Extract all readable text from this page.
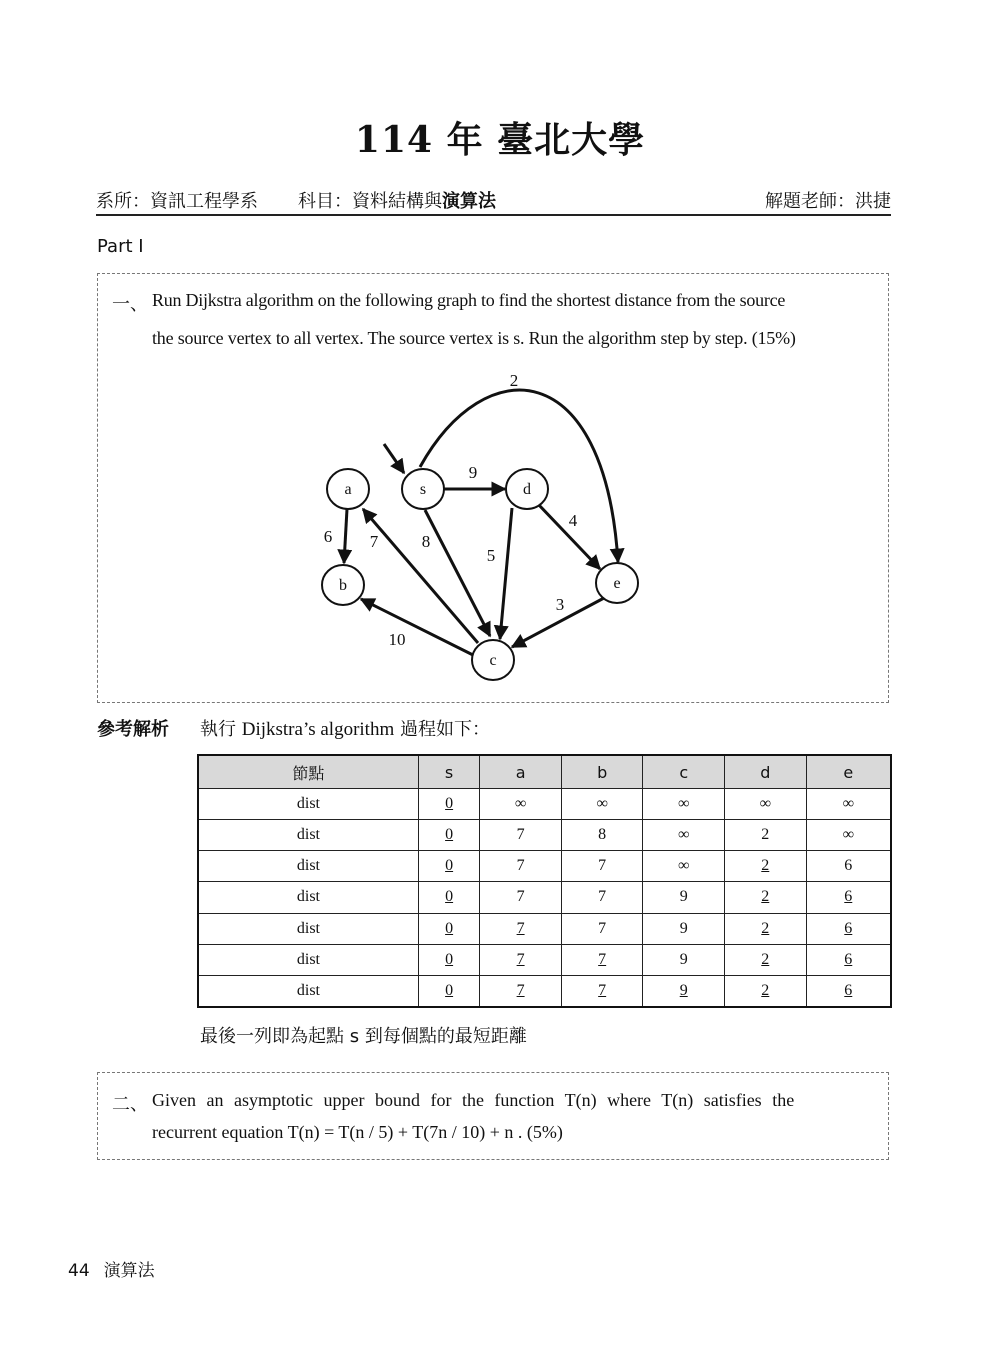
114 年 臺北大學
系所：資訊工程學系 科目：資料結構與演算法	解題老師：洪捷
Part I
一、 Run Dijkstra algorithm on the following graph to find the shortest distance from the source
the source vertex to all vertex. The source vertex is s. Run the algorithm step by step. (15%)
a	s	d
b	e
c
2
9
6 7	8
5
4
3
10
參考解析 執行 Dijkstra’s algorithm 過程如下：
節點	s	a	b	c	d	e
dist	0	∞	∞	∞	∞	∞
dist	0	7	8	∞	2	∞
dist	0	7	7	∞	2	6
dist	0	7	7	9	2	6
dist	0	7	7	9	2	6
dist	0	7	7	9	2	6
dist	0	7	7	9	2	6
最後一列即為起點 s 到每個點的最短距離
二、 Given an asymptotic upper bound for the function T(n) where T(n) satisfies the
recurrent equation T(n) = T(n / 5) + T(7n / 10) + n . (5%)
44 演算法
